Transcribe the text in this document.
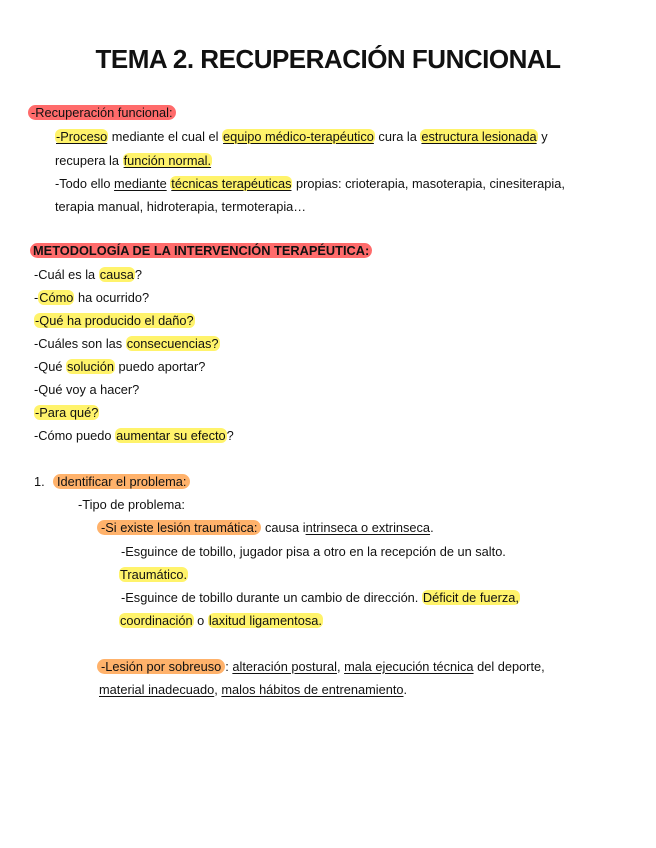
TEMA 2. RECUPERACIÓN FUNCIONAL
-Recuperación funcional:
-Proceso mediante el cual el equipo médico-terapéutico cura la estructura lesionada y
recupera la función normal.
-Todo ello mediante técnicas terapéuticas propias: crioterapia, masoterapia, cinesiterapia,
terapia manual, hidroterapia, termoterapia…
METODOLOGÍA DE LA INTERVENCIÓN TERAPÉUTICA:
-Cuál es la causa?
-Cómo ha ocurrido?
-Qué ha producido el daño?
-Cuáles son las consecuencias?
-Qué solución puedo aportar?
-Qué voy a hacer?
-Para qué?
-Cómo puedo aumentar su efecto?
1. Identificar el problema:
-Tipo de problema:
-Si existe lesión traumática: causa intrinseca o extrinseca.
-Esguince de tobillo, jugador pisa a otro en la recepción de un salto.
Traumático.
-Esguince de tobillo durante un cambio de dirección. Déficit de fuerza,
coordinación o laxitud ligamentosa.
-Lesión por sobreuso : alteración postural, mala ejecución técnica del deporte,
material inadecuado, malos hábitos de entrenamiento.
